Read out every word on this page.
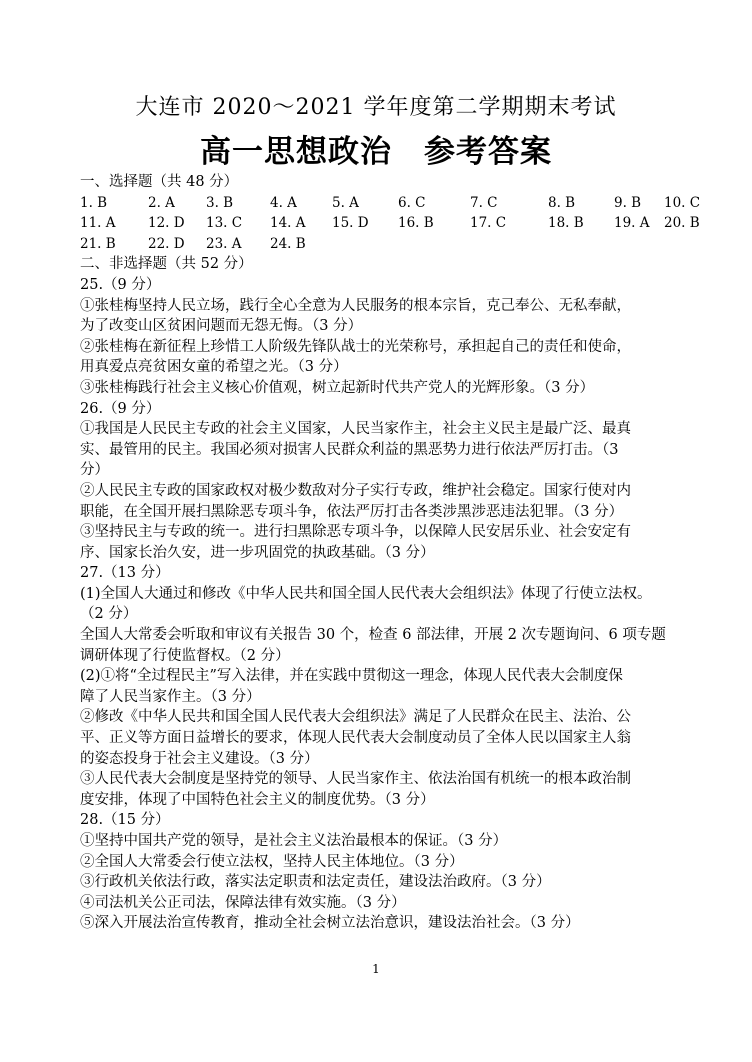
大连市 2020～2021 学年度第二学期期末考试
高一思想政治　参考答案
一、选择题（共 48 分）
1. B	2. A	3. B	4. A	5. A	6. C	7. C	8. B	9. B	10. C
11. A	12. D	13. C	14. A	15. D	16. B	17. C	18. B	19. A	20. B
21. B	22. D	23. A	24. B
二、非选择题（共 52 分）
25.（9 分）
①张桂梅坚持人民立场，践行全心全意为人民服务的根本宗旨，克己奉公、无私奉献，
为了改变山区贫困问题而无怨无悔。（3 分）
②张桂梅在新征程上珍惜工人阶级先锋队战士的光荣称号，承担起自己的责任和使命，
用真爱点亮贫困女童的希望之光。（3 分）
③张桂梅践行社会主义核心价值观，树立起新时代共产党人的光辉形象。（3 分）
26.（9 分）
①我国是人民民主专政的社会主义国家，人民当家作主，社会主义民主是最广泛、最真
实、最管用的民主。我国必须对损害人民群众利益的黑恶势力进行依法严厉打击。（3
分）
②人民民主专政的国家政权对极少数敌对分子实行专政，维护社会稳定。国家行使对内
职能，在全国开展扫黑除恶专项斗争，依法严厉打击各类涉黑涉恶违法犯罪。（3 分）
③坚持民主与专政的统一。进行扫黑除恶专项斗争，以保障人民安居乐业、社会安定有
序、国家长治久安，进一步巩固党的执政基础。（3 分）
27.（13 分）
(1)全国人大通过和修改《中华人民共和国全国人民代表大会组织法》体现了行使立法权。
（2 分）
全国人大常委会听取和审议有关报告 30 个，检查 6 部法律，开展 2 次专题询问、6 项专题
调研体现了行使监督权。（2 分）
(2)①将“全过程民主”写入法律，并在实践中贯彻这一理念，体现人民代表大会制度保
障了人民当家作主。（3 分）
②修改《中华人民共和国全国人民代表大会组织法》满足了人民群众在民主、法治、公
平、正义等方面日益增长的要求，体现人民代表大会制度动员了全体人民以国家主人翁
的姿态投身于社会主义建设。（3 分）
③人民代表大会制度是坚持党的领导、人民当家作主、依法治国有机统一的根本政治制
度安排，体现了中国特色社会主义的制度优势。（3 分）
28.（15 分）
①坚持中国共产党的领导，是社会主义法治最根本的保证。（3 分）
②全国人大常委会行使立法权，坚持人民主体地位。（3 分）
③行政机关依法行政，落实法定职责和法定责任，建设法治政府。（3 分）
④司法机关公正司法，保障法律有效实施。（3 分）
⑤深入开展法治宣传教育，推动全社会树立法治意识，建设法治社会。（3 分）
1
